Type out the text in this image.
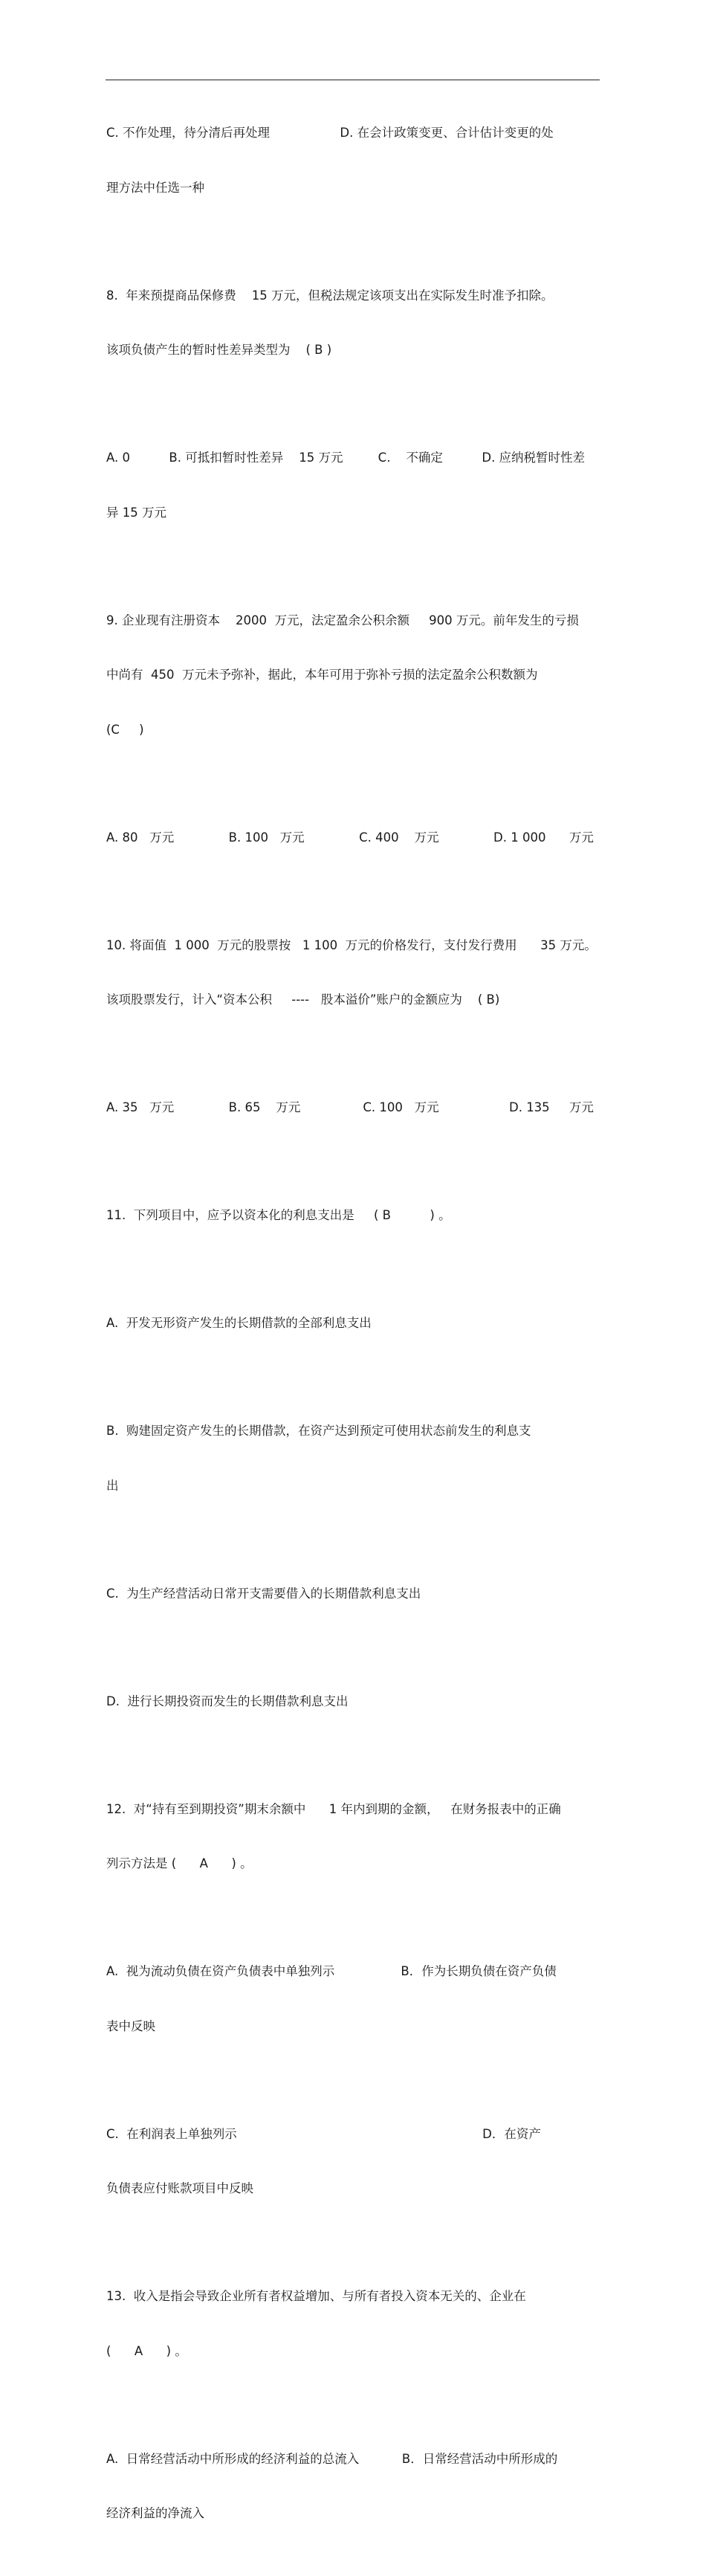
C. 不作处理，待分清后再处理                  D. 在会计政策变更、合计估计变更的处

理方法中任选一种

8.  年来预提商品保修费    15 万元，但税法规定该项支出在实际发生时准予扣除。

该项负债产生的暂时性差异类型为    ( B )

A. 0          B. 可抵扣暂时性差异    15 万元         C.    不确定          D. 应纳税暂时性差

异 15 万元

9. 企业现有注册资本    2000  万元，法定盈余公积余额     900 万元。前年发生的亏损

中尚有  450  万元未予弥补，据此，本年可用于弥补亏损的法定盈余公积数额为

(C     )

A. 80   万元              B. 100   万元              C. 400    万元              D. 1 000      万元

10. 将面值  1 000  万元的股票按   1 100  万元的价格发行，支付发行费用      35 万元。

该项股票发行，计入“资本公积     ----   股本溢价”账户的金额应为    ( B)

A. 35   万元              B. 65    万元                C. 100   万元                  D. 135     万元

11.  下列项目中，应予以资本化的利息支出是     ( B          ) 。

A.  开发无形资产发生的长期借款的全部利息支出

B.  购建固定资产发生的长期借款，在资产达到预定可使用状态前发生的利息支

出

C.  为生产经营活动日常开支需要借入的长期借款利息支出

D.  进行长期投资而发生的长期借款利息支出

12.  对“持有至到期投资”期末余额中      1 年内到期的金额，   在财务报表中的正确

列示方法是 (      A      ) 。

A.  视为流动负债在资产负债表中单独列示                 B．作为长期负债在资产负债

表中反映

C.  在利润表上单独列示                                                               D．在资产

负债表应付账款项目中反映

13.  收入是指会导致企业所有者权益增加、与所有者投入资本无关的、企业在

(      A      ) 。

A.  日常经营活动中所形成的经济利益的总流入           B．日常经营活动中所形成的

经济利益的净流入
